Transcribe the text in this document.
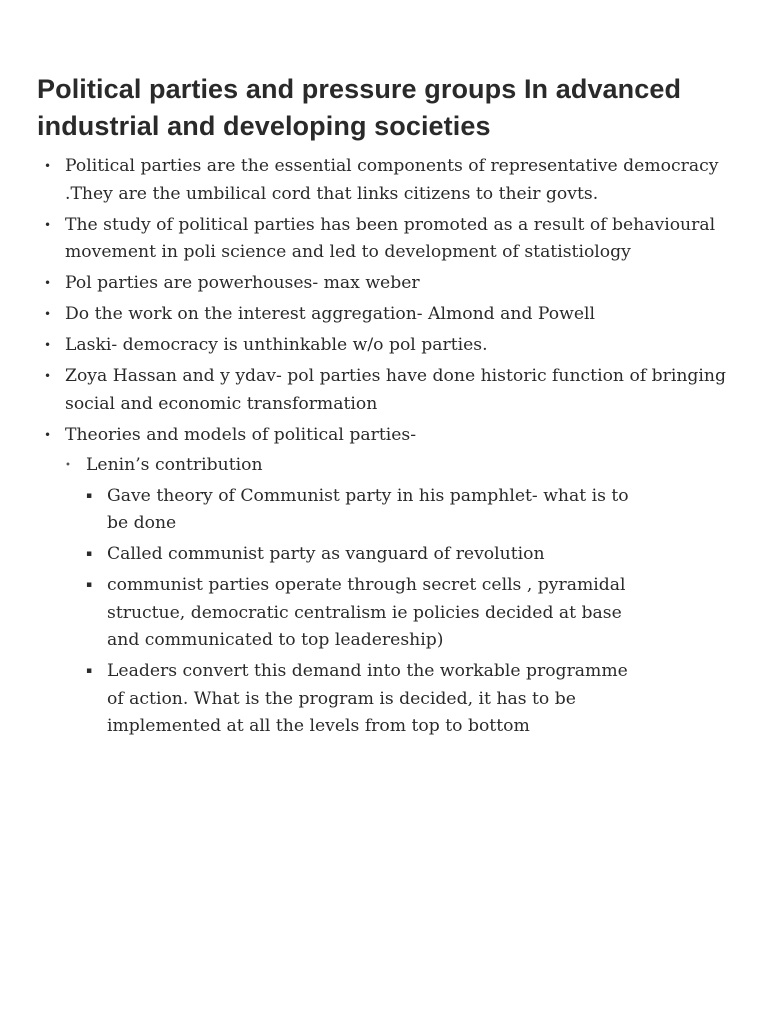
Political parties and pressure groups In advanced industrial and developing societies
• Political parties are the essential components of representative democracy .They are the umbilical cord that links citizens to their govts.
• The study of political parties has been promoted as a result of behavioural movement in poli science and led to development of statistiology
• Pol parties are powerhouses- max weber
• Do the work on the interest aggregation- Almond and Powell
• Laski- democracy is unthinkable w/o pol parties.
• Zoya Hassan and y ydav- pol parties have done historic function of bringing social and economic transformation
• Theories and models of political parties-
• Lenin’s contribution
▪ Gave theory of Communist party in his pamphlet- what is to be done
▪ Called communist party as vanguard of revolution
▪ communist parties operate through secret cells , pyramidal structue, democratic centralism ie policies decided at base and communicated to top leadereship)
▪ Leaders convert this demand into the workable programme of action. What is the program is decided, it has to be implemented at all the levels from top to bottom
